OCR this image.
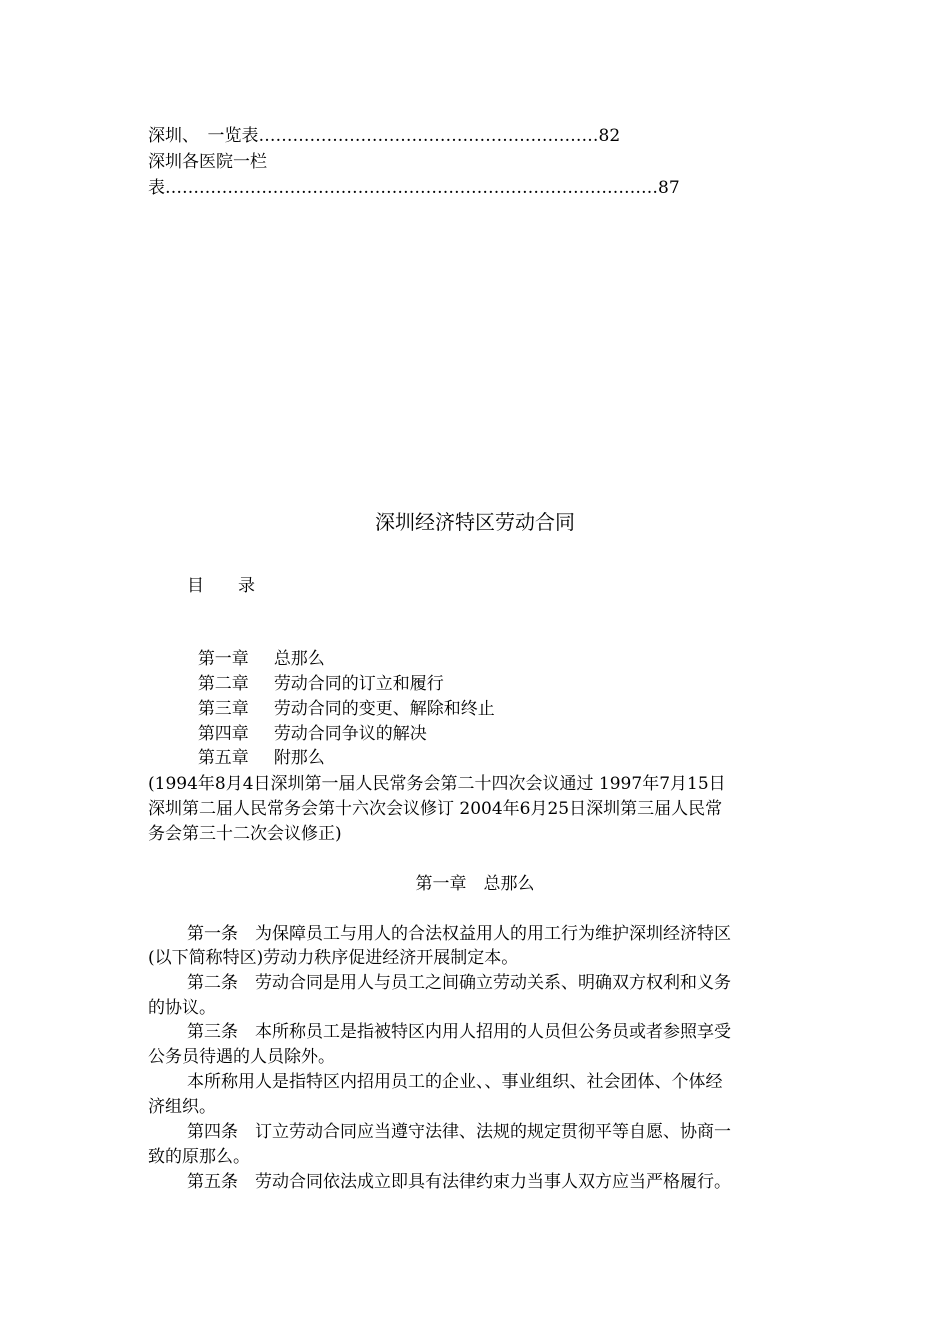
深圳、　一览表……………………………………………………82
深圳各医院一栏
表……………………………………………………………………………87
深圳经济特区劳动合同
目　　录

第一章 总那么

第二章 劳动合同的订立和履行

第三章 劳动合同的变更、解除和终止

第四章 劳动合同争议的解决

第五章 附那么

(1994年8月4日深圳第一届人民常务会第二十四次会议通过 1997年7月15日
深圳第二届人民常务会第十六次会议修订 2004年6月25日深圳第三届人民常
务会第三十二次会议修正)
第一章　总那么
第一条　为保障员工与用人的合法权益用人的用工行为维护深圳经济特区
(以下简称特区)劳动力秩序促进经济开展制定本。
第二条　劳动合同是用人与员工之间确立劳动关系、明确双方权利和义务
的协议。
第三条　本所称员工是指被特区内用人招用的人员但公务员或者参照享受
公务员待遇的人员除外。
本所称用人是指特区内招用员工的企业、、事业组织、社会团体、个体经
济组织。
第四条　订立劳动合同应当遵守法律、法规的规定贯彻平等自愿、协商一
致的原那么。
第五条　劳动合同依法成立即具有法律约束力当事人双方应当严格履行。
